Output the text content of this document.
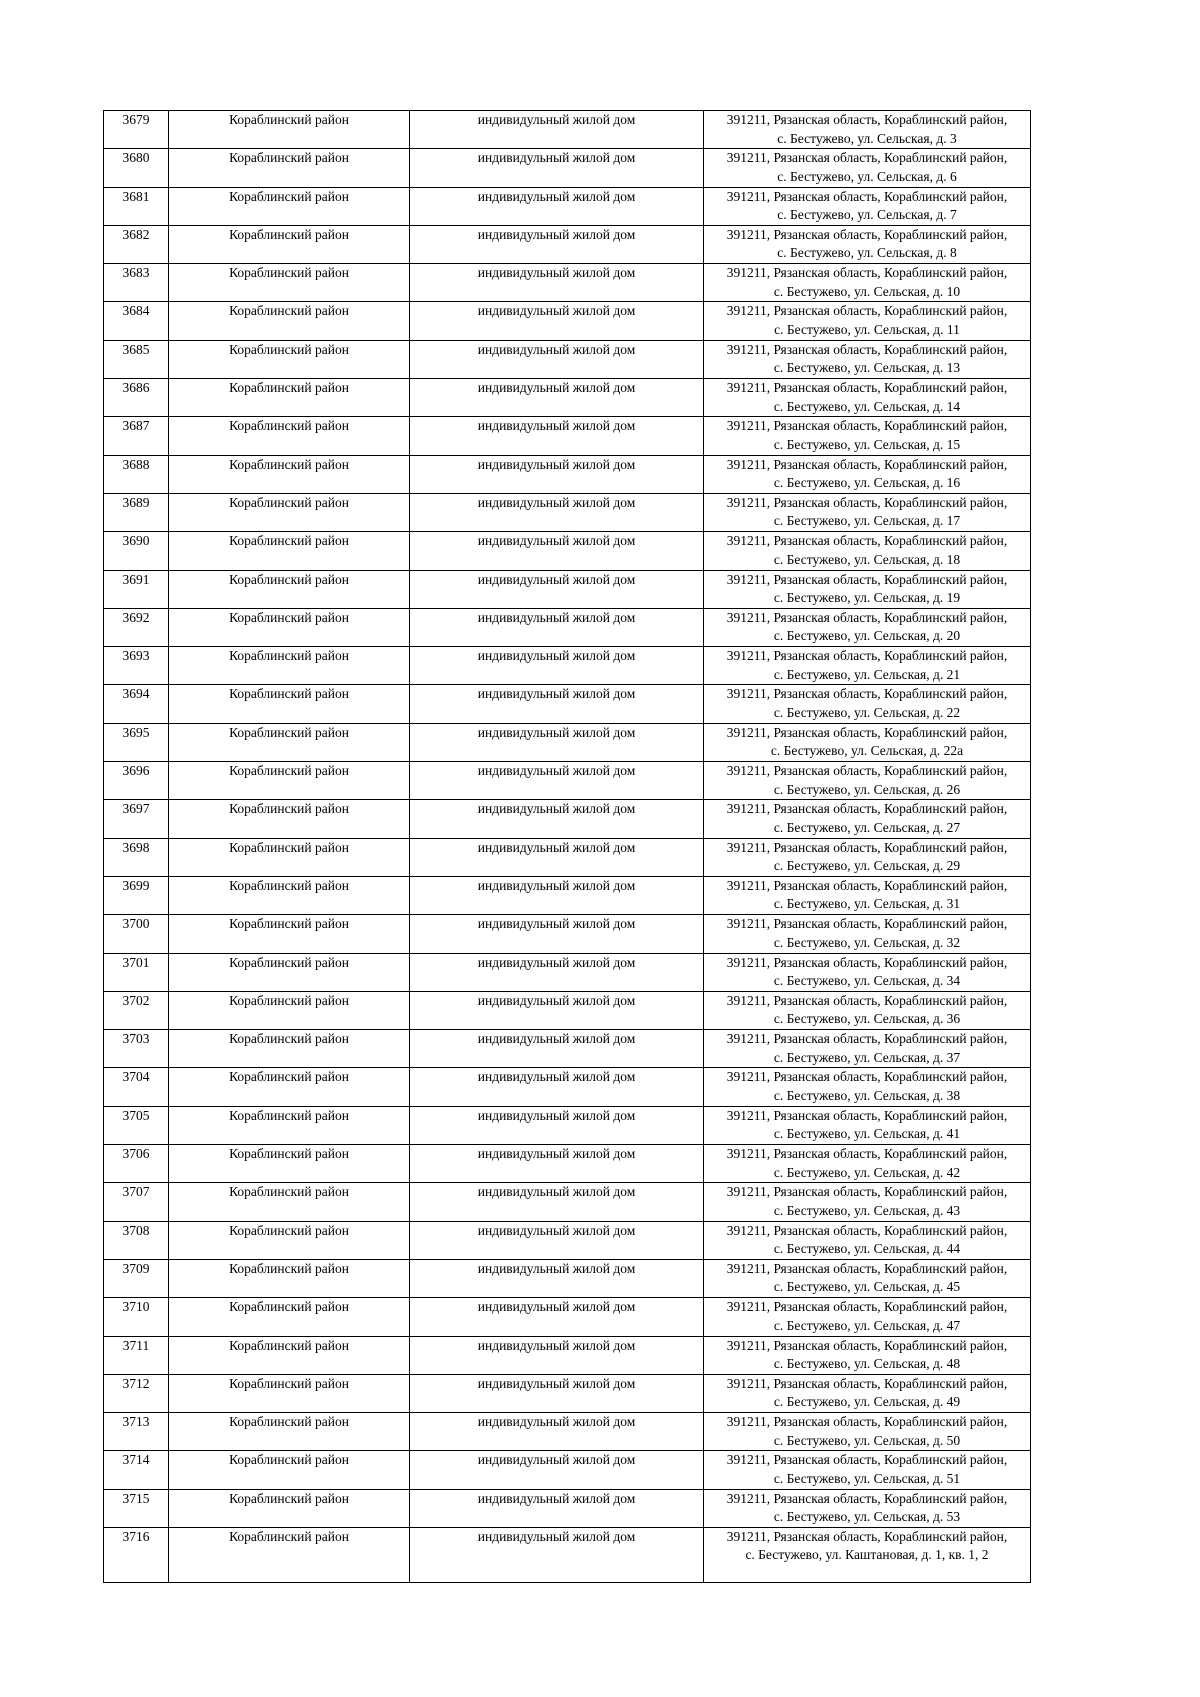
3679	Кораблинский район	индивидульный жилой дом	391211, Рязанская область, Кораблинский район,
с. Бестужево, ул. Сельская, д. 3

3680	Кораблинский район	индивидульный жилой дом	391211, Рязанская область, Кораблинский район,
с. Бестужево, ул. Сельская, д. 6

3681	Кораблинский район	индивидульный жилой дом	391211, Рязанская область, Кораблинский район,
с. Бестужево, ул. Сельская, д. 7

3682	Кораблинский район	индивидульный жилой дом	391211, Рязанская область, Кораблинский район,
с. Бестужево, ул. Сельская, д. 8

3683	Кораблинский район	индивидульный жилой дом	391211, Рязанская область, Кораблинский район,
с. Бестужево, ул. Сельская, д. 10

3684	Кораблинский район	индивидульный жилой дом	391211, Рязанская область, Кораблинский район,
с. Бестужево, ул. Сельская, д. 11

3685	Кораблинский район	индивидульный жилой дом	391211, Рязанская область, Кораблинский район,
с. Бестужево, ул. Сельская, д. 13

3686	Кораблинский район	индивидульный жилой дом	391211, Рязанская область, Кораблинский район,
с. Бестужево, ул. Сельская, д. 14

3687	Кораблинский район	индивидульный жилой дом	391211, Рязанская область, Кораблинский район,
с. Бестужево, ул. Сельская, д. 15

3688	Кораблинский район	индивидульный жилой дом	391211, Рязанская область, Кораблинский район,
с. Бестужево, ул. Сельская, д. 16

3689	Кораблинский район	индивидульный жилой дом	391211, Рязанская область, Кораблинский район,
с. Бестужево, ул. Сельская, д. 17

3690	Кораблинский район	индивидульный жилой дом	391211, Рязанская область, Кораблинский район,
с. Бестужево, ул. Сельская, д. 18

3691	Кораблинский район	индивидульный жилой дом	391211, Рязанская область, Кораблинский район,
с. Бестужево, ул. Сельская, д. 19

3692	Кораблинский район	индивидульный жилой дом	391211, Рязанская область, Кораблинский район,
с. Бестужево, ул. Сельская, д. 20

3693	Кораблинский район	индивидульный жилой дом	391211, Рязанская область, Кораблинский район,
с. Бестужево, ул. Сельская, д. 21

3694	Кораблинский район	индивидульный жилой дом	391211, Рязанская область, Кораблинский район,
с. Бестужево, ул. Сельская, д. 22

3695	Кораблинский район	индивидульный жилой дом	391211, Рязанская область, Кораблинский район,
с. Бестужево, ул. Сельская, д. 22а

3696	Кораблинский район	индивидульный жилой дом	391211, Рязанская область, Кораблинский район,
с. Бестужево, ул. Сельская, д. 26

3697	Кораблинский район	индивидульный жилой дом	391211, Рязанская область, Кораблинский район,
с. Бестужево, ул. Сельская, д. 27

3698	Кораблинский район	индивидульный жилой дом	391211, Рязанская область, Кораблинский район,
с. Бестужево, ул. Сельская, д. 29

3699	Кораблинский район	индивидульный жилой дом	391211, Рязанская область, Кораблинский район,
с. Бестужево, ул. Сельская, д. 31

3700	Кораблинский район	индивидульный жилой дом	391211, Рязанская область, Кораблинский район,
с. Бестужево, ул. Сельская, д. 32

3701	Кораблинский район	индивидульный жилой дом	391211, Рязанская область, Кораблинский район,
с. Бестужево, ул. Сельская, д. 34

3702	Кораблинский район	индивидульный жилой дом	391211, Рязанская область, Кораблинский район,
с. Бестужево, ул. Сельская, д. 36

3703	Кораблинский район	индивидульный жилой дом	391211, Рязанская область, Кораблинский район,
с. Бестужево, ул. Сельская, д. 37

3704	Кораблинский район	индивидульный жилой дом	391211, Рязанская область, Кораблинский район,
с. Бестужево, ул. Сельская, д. 38

3705	Кораблинский район	индивидульный жилой дом	391211, Рязанская область, Кораблинский район,
с. Бестужево, ул. Сельская, д. 41

3706	Кораблинский район	индивидульный жилой дом	391211, Рязанская область, Кораблинский район,
с. Бестужево, ул. Сельская, д. 42

3707	Кораблинский район	индивидульный жилой дом	391211, Рязанская область, Кораблинский район,
с. Бестужево, ул. Сельская, д. 43

3708	Кораблинский район	индивидульный жилой дом	391211, Рязанская область, Кораблинский район,
с. Бестужево, ул. Сельская, д. 44

3709	Кораблинский район	индивидульный жилой дом	391211, Рязанская область, Кораблинский район,
с. Бестужево, ул. Сельская, д. 45

3710	Кораблинский район	индивидульный жилой дом	391211, Рязанская область, Кораблинский район,
с. Бестужево, ул. Сельская, д. 47

3711	Кораблинский район	индивидульный жилой дом	391211, Рязанская область, Кораблинский район,
с. Бестужево, ул. Сельская, д. 48

3712	Кораблинский район	индивидульный жилой дом	391211, Рязанская область, Кораблинский район,
с. Бестужево, ул. Сельская, д. 49

3713	Кораблинский район	индивидульный жилой дом	391211, Рязанская область, Кораблинский район,
с. Бестужево, ул. Сельская, д. 50

3714	Кораблинский район	индивидульный жилой дом	391211, Рязанская область, Кораблинский район,
с. Бестужево, ул. Сельская, д. 51

3715	Кораблинский район	индивидульный жилой дом	391211, Рязанская область, Кораблинский район,
с. Бестужево, ул. Сельская, д. 53

3716	Кораблинский район	индивидульный жилой дом	391211, Рязанская область, Кораблинский район,
с. Бестужево, ул. Каштановая, д. 1, кв. 1, 2
